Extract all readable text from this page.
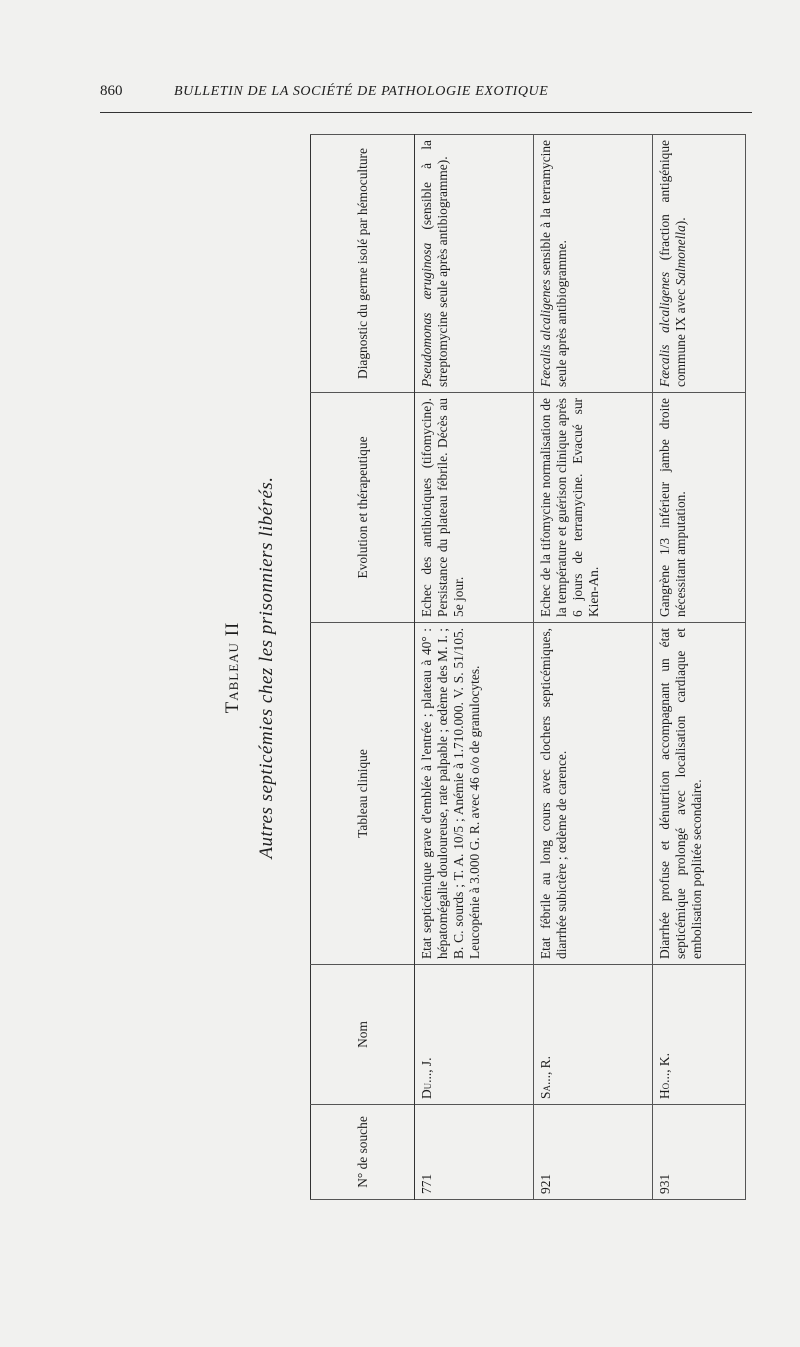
860	BULLETIN DE LA SOCIÉTÉ DE PATHOLOGIE EXOTIQUE
Tableau II Autres septicémies chez les prisonniers libérés.
N° de souche	Nom	Tableau clinique	Evolution et thérapeutique	Diagnostic du germe isolé par hémoculture
771	Du..., J.	Etat septicémique grave d'emblée à l'entrée ; plateau à 40° : hépatomégalie douloureuse, rate palpable ; œdème des M. I. ; B. C. sourds ; T. A. 10/5 ; Anémie à 1.710.000. V. S. 51/105. Leucopénie à 3.000 G. R. avec 46 o/o de granulocytes.	Echec des antibiotiques (tifomycine). Persistance du plateau fébrile. Décès au 5e jour.	Pseudomonas æruginosa (sensible à la streptomycine seule après antibiogramme).
921	Sa..., R.	Etat fébrile au long cours avec clochers septicémiques, diarrhée subictère ; œdème de carence.	Echec de la tifomycine normalisation de la température et guérison clinique après 6 jours de terramycine. Evacué sur Kien-An.	Fæcalis alcaligenes sensible à la terramycine seule après antibiogramme.
931	Ho..., K.	Diarrhée profuse et dénutrition accompagnant un état septicémique prolongé avec localisation cardiaque et embolisation poplitée secondaire.	Gangrène 1/3 inférieur jambe droite nécessitant amputation.	Fæcalis alcaligenes (fraction antigénique commune IX avec Salmonella).
